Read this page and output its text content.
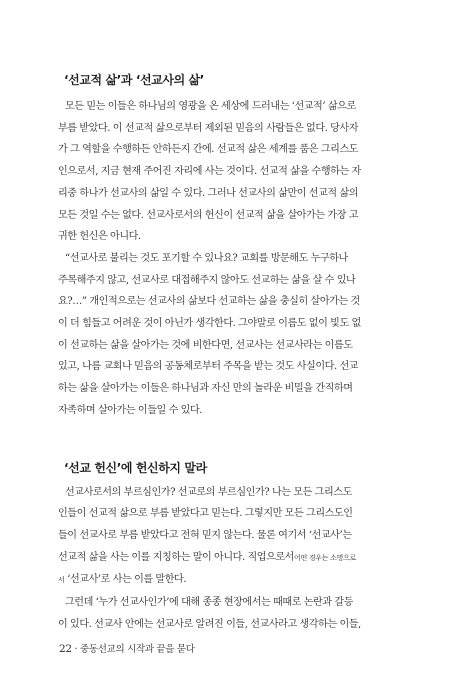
‘선교적 삶’과 ‘선교사의 삶’
모든 믿는 이들은 하나님의 영광을 온 세상에 드러내는 ‘선교적’ 삶으로
부름 받았다. 이 선교적 삶으로부터 제외된 믿음의 사람들은 없다. 당사자
가 그 역할을 수행하든 안하든지 간에. 선교적 삶은 세계를 품은 그리스도
인으로서, 지금 현재 주어진 자리에 사는 것이다. 선교적 삶을 수행하는 자
리중 하나가 선교사의 삶일 수 있다. 그러나 선교사의 삶만이 선교적 삶의
모든 것일 수는 없다. 선교사로서의 헌신이 선교적 삶을 살아가는 가장 고
귀한 헌신은 아니다.
“선교사로 불리는 것도 포기할 수 있나요? 교회를 방문해도 누구하나
주목해주지 않고, 선교사로 대접해주지 않아도 선교하는 삶을 살 수 있나
요?…” 개인적으로는 선교사의 삶보다 선교하는 삶을 충실히 살아가는 것
이 더 힘들고 어려운 것이 아닌가 생각한다. 그야말로 이름도 없이 빛도 없
이 선교하는 삶을 살아가는 것에 비한다면, 선교사는 선교사라는 이름도
있고, 나름 교회나 믿음의 공동체로부터 주목을 받는 것도 사실이다. 선교
하는 삶을 살아가는 이들은 하나님과 자신 만의 놀라운 비밀을 간직하며
자족하며 살아가는 이들일 수 있다.
‘선교 헌신’에 헌신하지 말라
선교사로서의 부르심인가? 선교로의 부르심인가? 나는 모든 그리스도
인들이 선교적 삶으로 부름 받았다고 믿는다. 그렇지만 모든 그리스도인
들이 선교사로 부름 받았다고 전혀 믿지 않는다. 물론 여기서 ‘선교사’는
선교적 삶을 사는 이를 지칭하는 말이 아니다. 직업으로서어떤 경우는 소명으로
서 ‘선교사’로 사는 이를 말한다.
그런데 ‘누가 선교사인가’에 대해 종종 현장에서는 때때로 논란과 갈등
이 있다. 선교사 안에는 선교사로 알려진 이들, 선교사라고 생각하는 이들,
22 · 중동선교의 시작과 끝을 묻다
